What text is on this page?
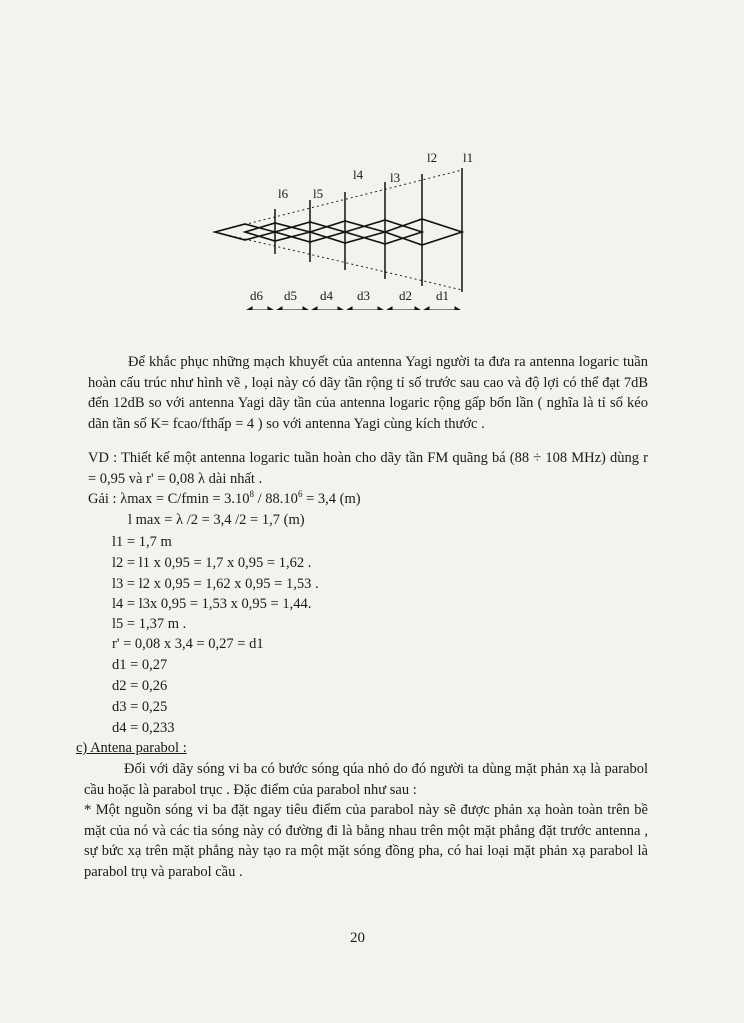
l6 l5
l4 l3
l2 l1
d6 d5 d4 d3 d2 d1

Để khắc phục những mạch khuyết của antenna Yagi người ta đưa ra antenna logaric tuần hoàn cấu trúc như hình vẽ , loại này có dãy tần rộng tỉ số trước sau cao và độ lợi có thể đạt 7dB đến 12dB so với antenna Yagi dãy tần của antenna logaric rộng gấp bốn lần ( nghĩa là tỉ số kéo dãn tần số K= fcao/fthấp = 4 ) so với antenna Yagi cùng kích thước .

VD : Thiết kế một antenna logaric tuần hoàn cho dãy tần FM quãng bá (88 ÷ 108 MHz) dùng r = 0,95 và r' = 0,08 λ dài nhất .

Gải : $\lambda\max = C/fmin = 3.10^8 / 88.10^6 = 3,4$ (m)
l max = λ /2 = 3,4 /2 = 1,7 (m)
l1 = 1,7 m
l2 = l1 x 0,95 = 1,7 x 0,95 = 1,62 .
l3 = l2 x 0,95 = 1,62 x 0,95 = 1,53 .
l4 = l3x 0,95 = 1,53 x 0,95 = 1,44.
l5 = 1,37 m .
r' = 0,08 x 3,4 = 0,27 = d1
d1 = 0,27
d2 = 0,26
d3 = 0,25
d4 = 0,233
c) Antena parabol :

Đối với dãy sóng vi ba có bước sóng qúa nhỏ do đó người ta dùng mặt phản xạ là parabol cầu hoặc là parabol trục . Đặc điểm của parabol như sau :

* Một nguồn sóng vi ba đặt ngay tiêu điểm của parabol này sẽ được phản xạ hoàn toàn trên bề mặt của nó và các tia sóng này có đường đi là bằng nhau trên một mặt phẳng đặt trước antenna , sự bức xạ trên mặt phẳng này tạo ra một mặt sóng đồng pha, có hai loại mặt phản xạ parabol là parabol trụ và parabol cầu .

20
